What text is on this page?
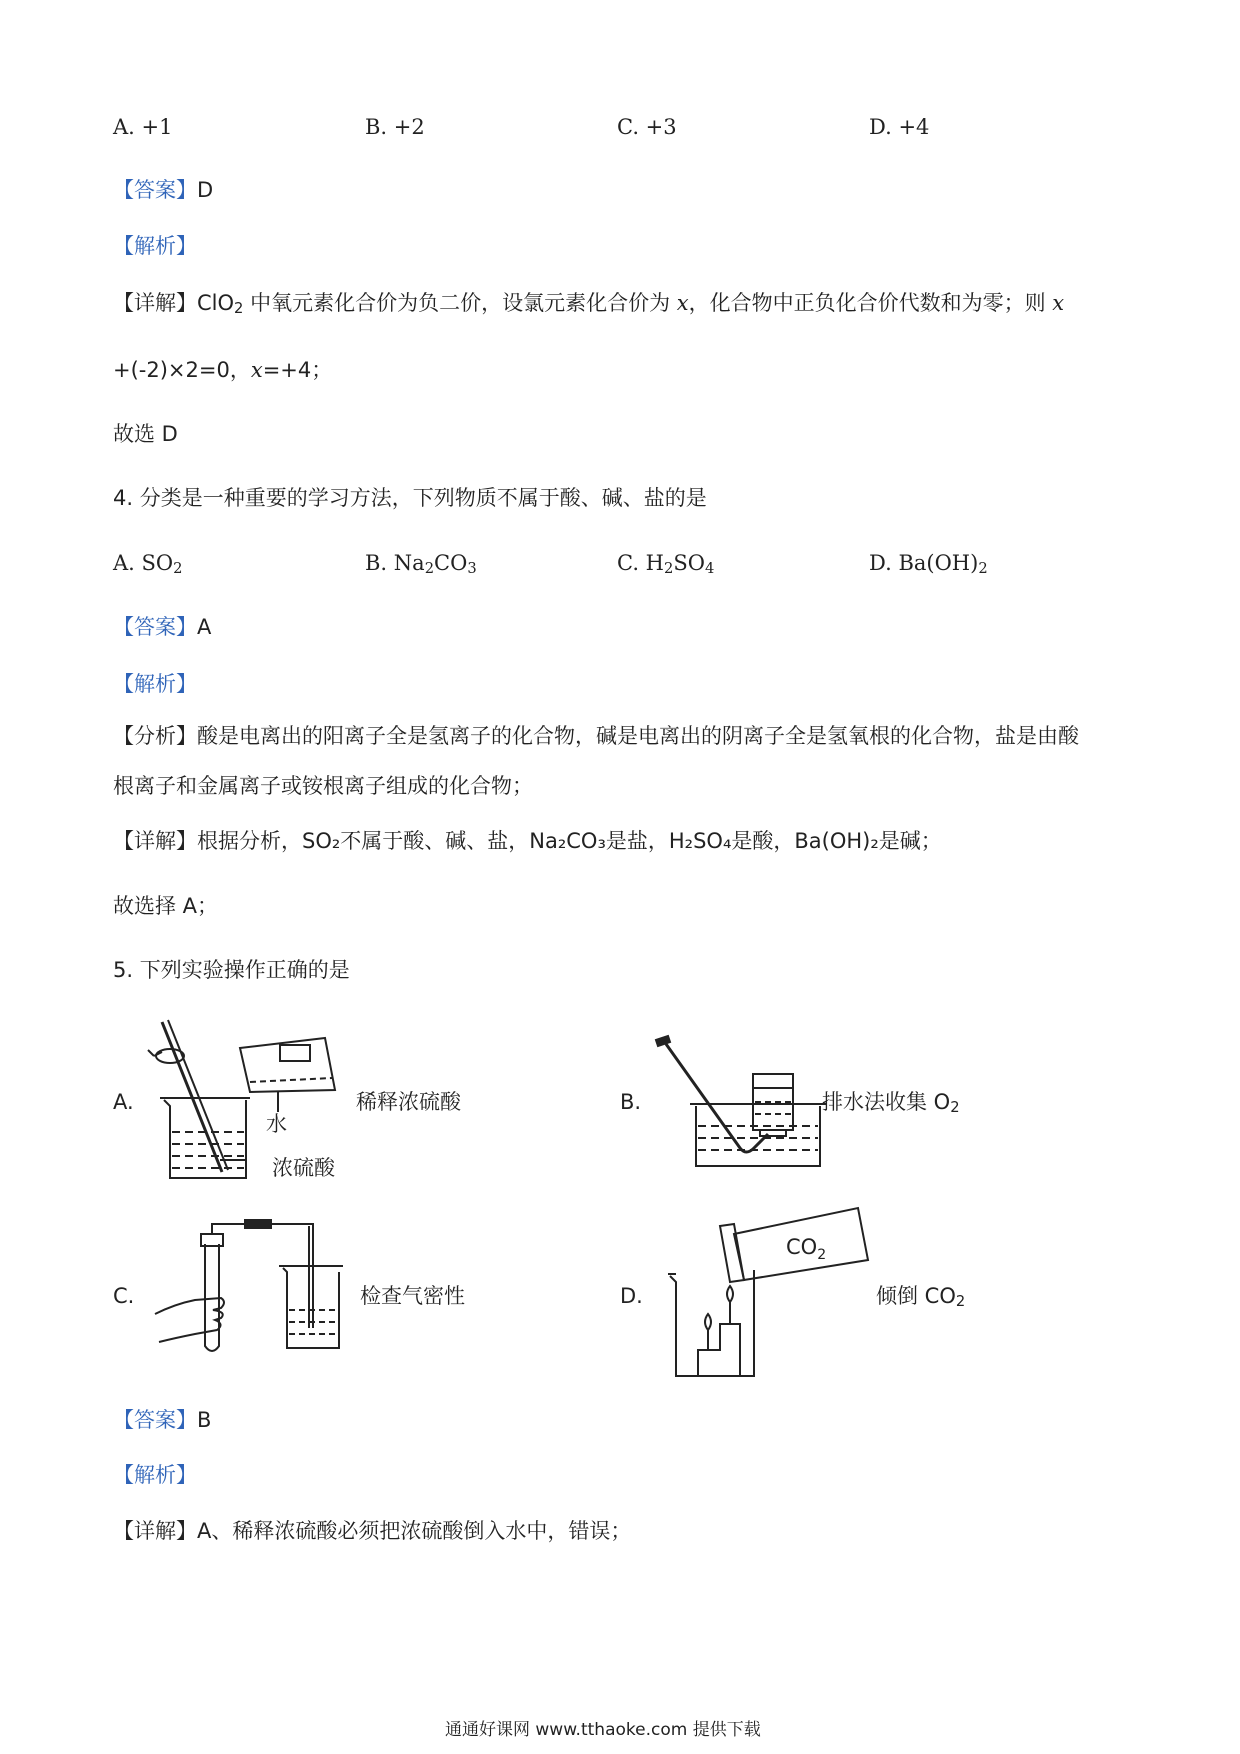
A. +1	B. +2	C. +3	D. +4
【答案】D
【解析】
【详解】ClO$_2$ 中氧元素化合价为负二价，设氯元素化合价为 x，化合物中正负化合价代数和为零；则 x
+(-2)×2=0，x=+4；
故选 D
4. 分类是一种重要的学习方法，下列物质不属于酸、碱、盐的是
A. $SO_2$	B. $Na_2CO_3$	C. $H_2SO_4$	D. $Ba(OH)_2$
【答案】A
【解析】
【分析】酸是电离出的阳离子全是氢离子的化合物，碱是电离出的阴离子全是氢氧根的化合物，盐是由酸
根离子和金属离子或铵根离子组成的化合物；
【详解】根据分析，SO₂不属于酸、碱、盐，Na₂CO₃是盐，H₂SO₄是酸，Ba(OH)₂是碱；
故选择 A；
5. 下列实验操作正确的是
A.	稀释浓硫酸
水
浓硫酸
B.	排水法收集 $O_2$
C.	检查气密性	D.
$CO_2$
倾倒 $CO_2$
【答案】B
【解析】
【详解】A、稀释浓硫酸必须把浓硫酸倒入水中，错误；
通通好课网 www.tthaoke.com 提供下载
